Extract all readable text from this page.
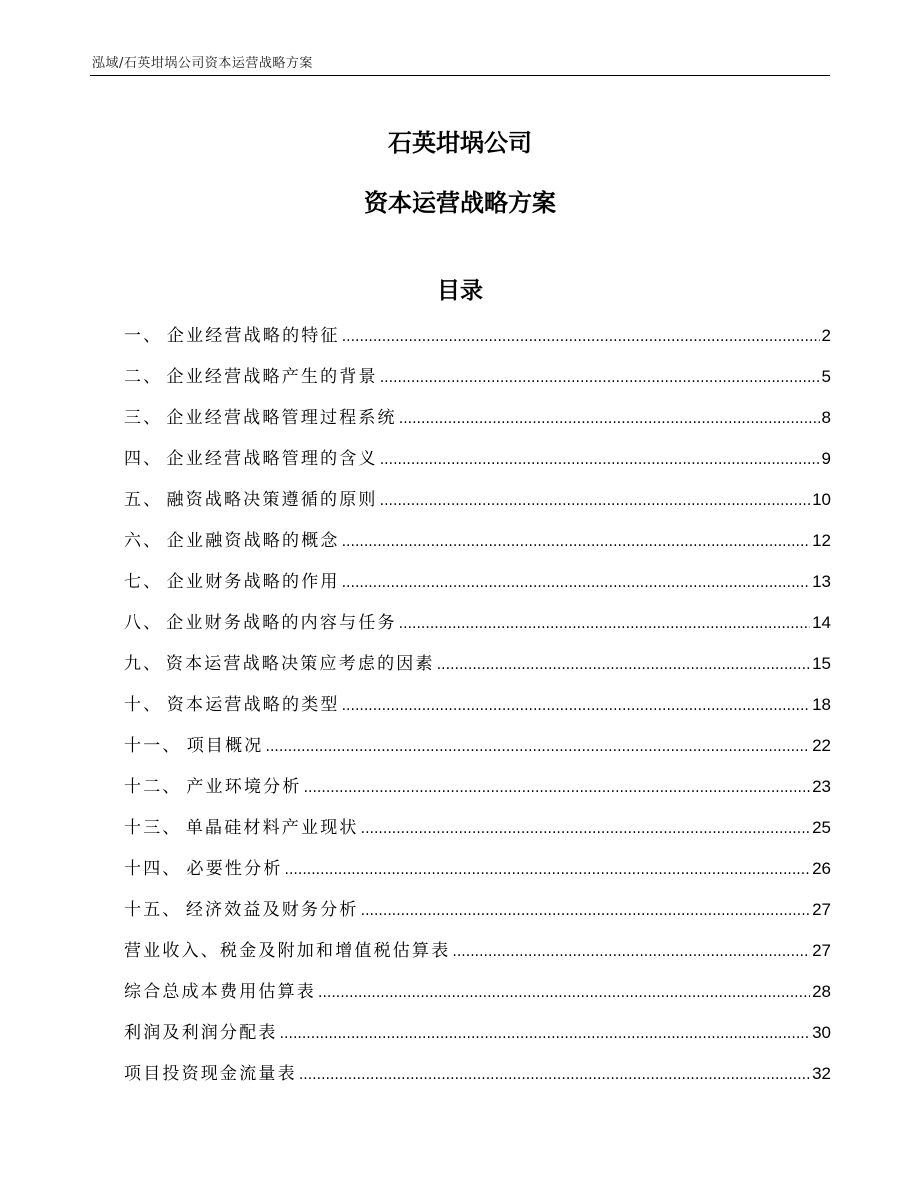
泓域/石英坩埚公司资本运营战略方案
石英坩埚公司
资本运营战略方案
目录
一、 企业经营战略的特征 .....	2
二、 企业经营战略产生的背景 .....	5
三、 企业经营战略管理过程系统 .....	8
四、 企业经营战略管理的含义 .....	9
五、 融资战略决策遵循的原则 .....	10
六、 企业融资战略的概念 .....	12
七、 企业财务战略的作用 .....	13
八、 企业财务战略的内容与任务 .....	14
九、 资本运营战略决策应考虑的因素 .....	15
十、 资本运营战略的类型 .....	18
十一、 项目概况 .....	22
十二、 产业环境分析 .....	23
十三、 单晶硅材料产业现状 .....	25
十四、 必要性分析 .....	26
十五、 经济效益及财务分析 .....	27
营业收入、税金及附加和增值税估算表 .....	27
综合总成本费用估算表 .....	28
利润及利润分配表 .....	30
项目投资现金流量表 .....	32
